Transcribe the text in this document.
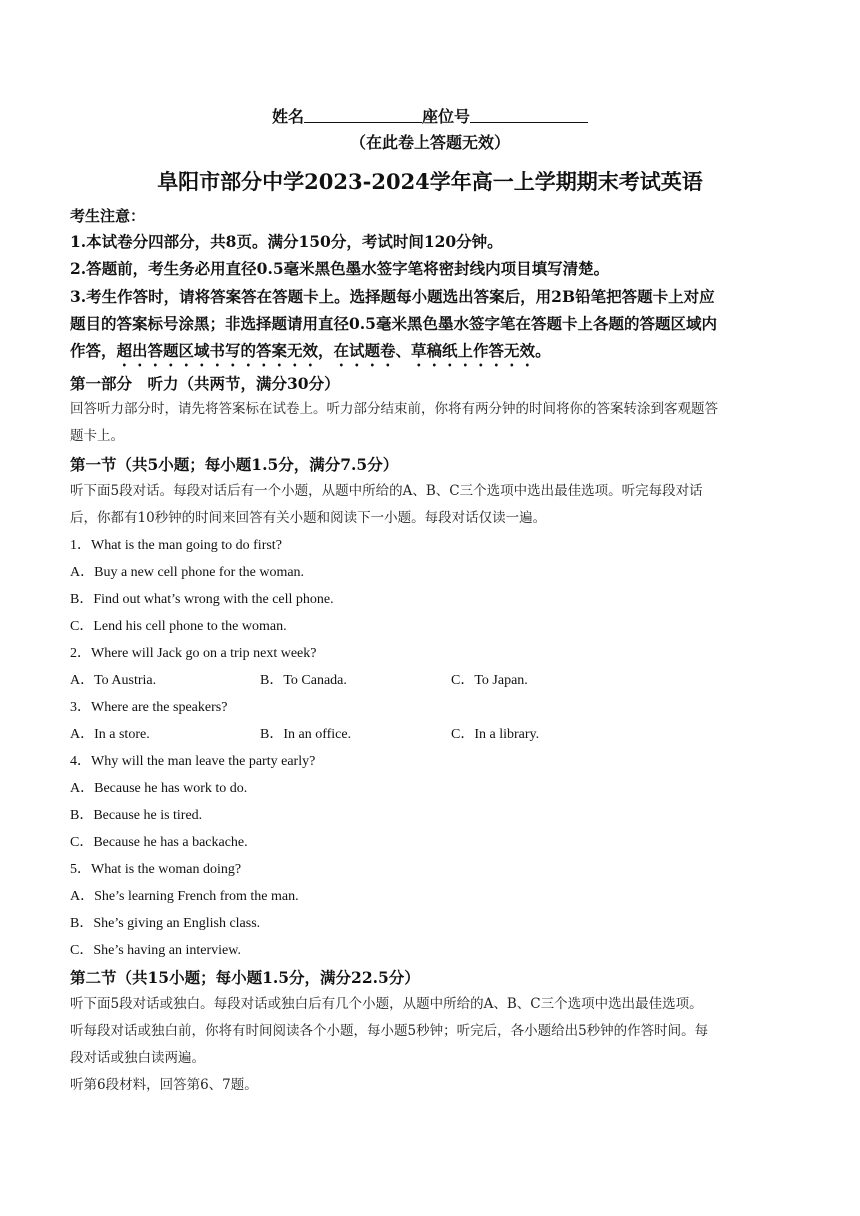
姓名	座位号
（在此卷上答题无效）
阜阳市部分中学2023-2024学年高一上学期期末考试英语
考生注意：
1.本试卷分四部分，共8页。满分150分，考试时间120分钟。
2.答题前，考生务必用直径0.5毫米黑色墨水签字笔将密封线内项目填写清楚。
3.考生作答时，请将答案答在答题卡上。选择题每小题选出答案后，用2B铅笔把答题卡上对应
题目的答案标号涂黑；非选择题请用直径0.5毫米黑色墨水签字笔在答题卡上各题的答题区域内
作答，超出答题区域书写的答案无效，在试题卷、草稿纸上作答无效。
第一部分　听力（共两节，满分30分）
回答听力部分时，请先将答案标在试卷上。听力部分结束前，你将有两分钟的时间将你的答案转涂到客观题答
题卡上。
第一节（共5小题；每小题1.5分，满分7.5分）
听下面5段对话。每段对话后有一个小题，从题中所给的A、B、C三个选项中选出最佳选项。听完每段对话
后，你都有10秒钟的时间来回答有关小题和阅读下一小题。每段对话仅读一遍。
1．What is the man going to do first?
A．Buy a new cell phone for the woman.
B．Find out what’s wrong with the cell phone.
C．Lend his cell phone to the woman.
2．Where will Jack go on a trip next week?
A．To Austria.	B．To Canada.	C．To Japan.
3．Where are the speakers?
A．In a store.	B．In an office.	C．In a library.
4．Why will the man leave the party early?
A．Because he has work to do.
B．Because he is tired.
C．Because he has a backache.
5．What is the woman doing?
A．She’s learning French from the man.
B．She’s giving an English class.
C．She’s having an interview.
第二节（共15小题；每小题1.5分，满分22.5分）
听下面5段对话或独白。每段对话或独白后有几个小题，从题中所给的A、B、C三个选项中选出最佳选项。
听每段对话或独白前，你将有时间阅读各个小题，每小题5秒钟；听完后，各小题给出5秒钟的作答时间。每
段对话或独白读两遍。
听第6段材料，回答第6、7题。
